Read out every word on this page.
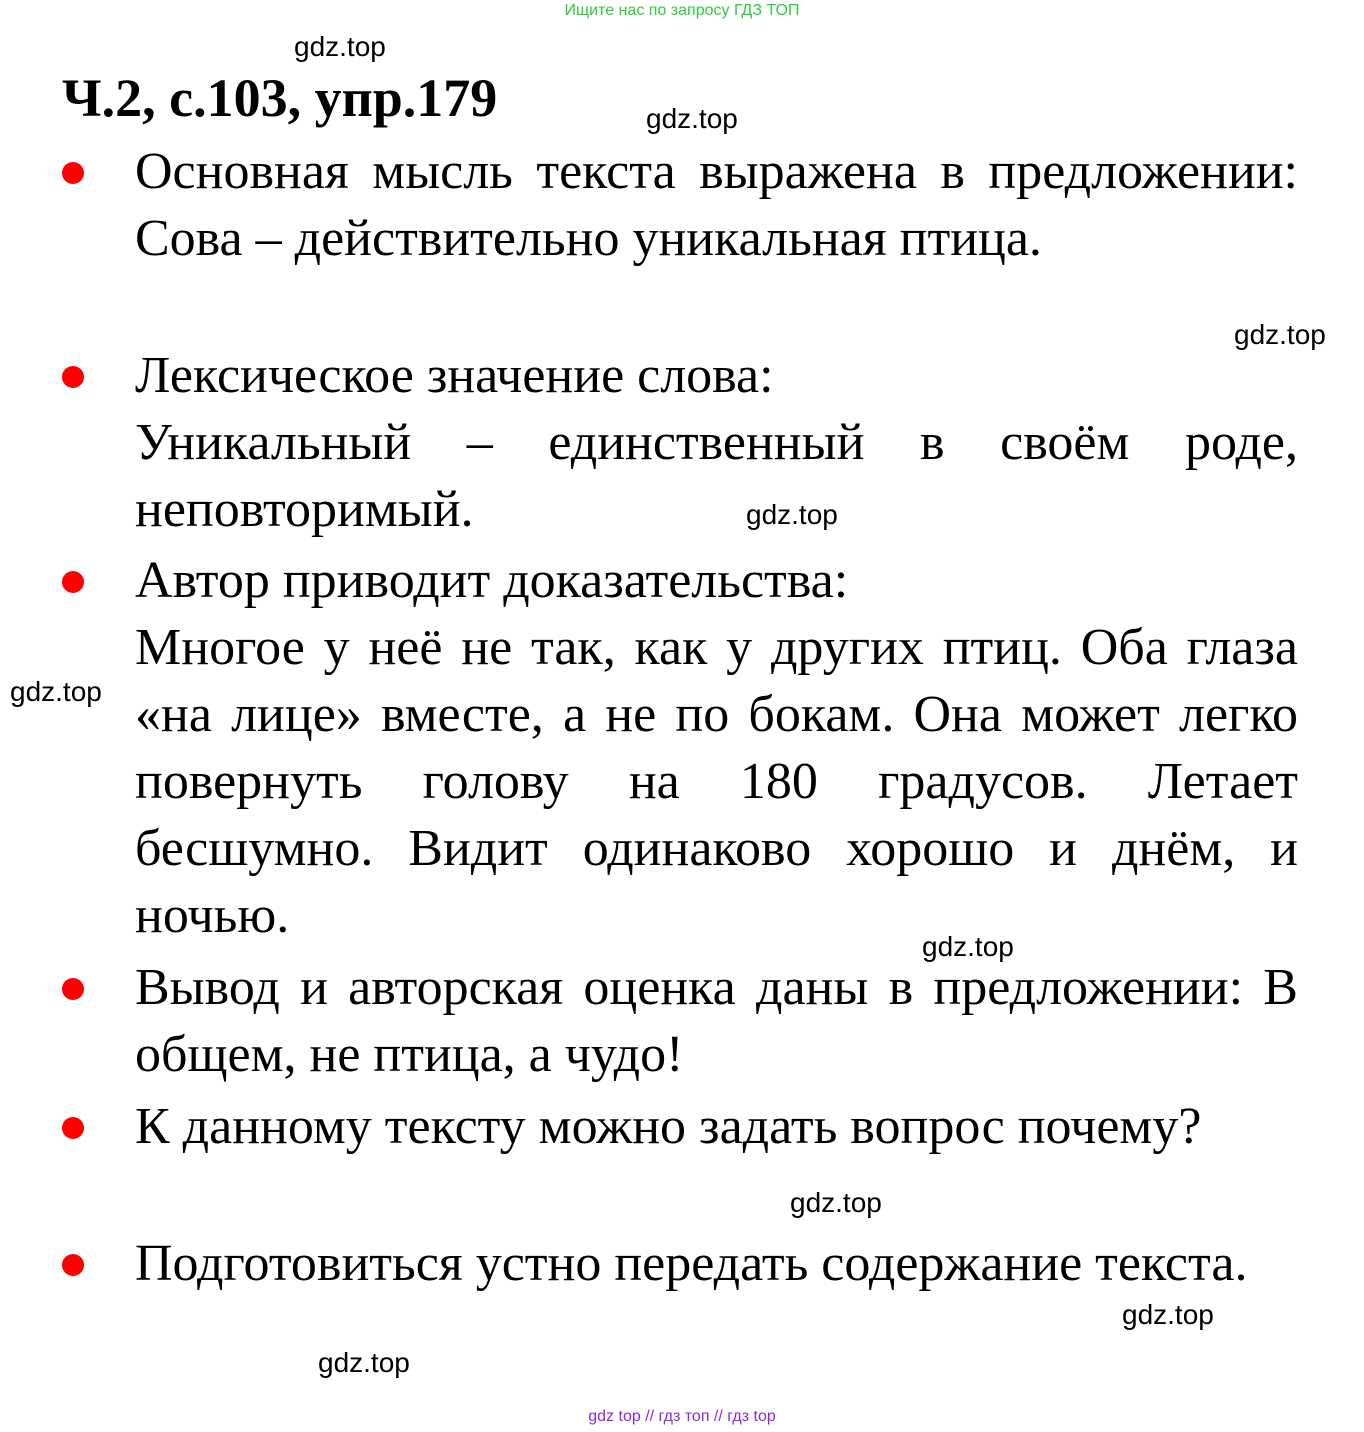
Ищите нас по запросу ГДЗ ТОП
Ч.2, с.103, упр.179
Основная мысль текста выражена в предложении: Сова – действительно уникальная птица.
Лексическое значение слова:
Уникальный – единственный в своём роде, неповторимый.
Автор приводит доказательства:
Многое у неё не так, как у других птиц. Оба глаза «на лице» вместе, а не по бокам. Она может легко повернуть голову на 180 градусов. Летает бесшумно. Видит одинаково хорошо и днём, и ночью.
Вывод и авторская оценка даны в предложении: В общем, не птица, а чудо!
К данному тексту можно задать вопрос почему?
Подготовиться устно передать содержание текста.
gdz.top
gdz.top
gdz.top
gdz.top
gdz.top
gdz.top
gdz.top
gdz.top
gdz.top
gdz top // гдз топ // гдз top
